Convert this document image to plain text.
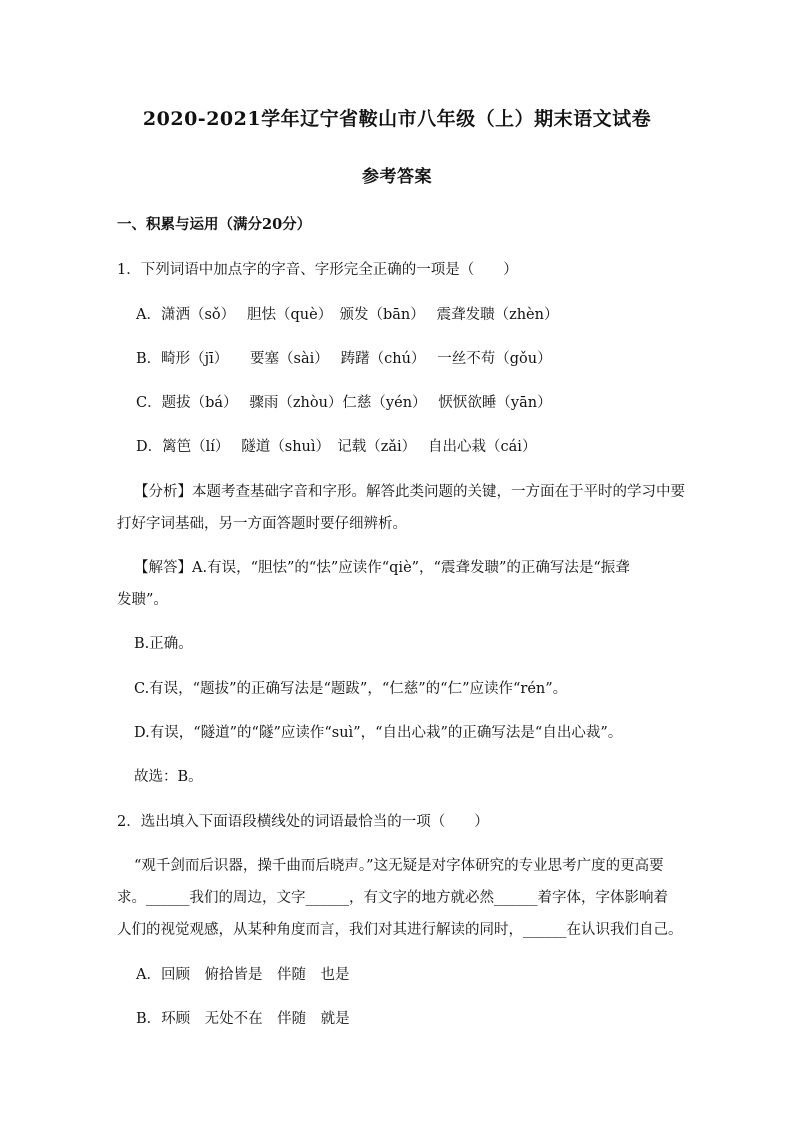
2020-2021学年辽宁省鞍山市八年级（上）期末语文试卷
参考答案
一、积累与运用（满分20分）
1．下列词语中加点字的字音、字形完全正确的一项是（　　）
A．潇洒（sǒ）　 胆怯（què）　颁发（bān）　 震聋发聩（zhèn）
B．畸形（jī）　　要塞（sài）　 踌躇（chú）　 一丝不苟（gǒu）
C．题拔（bá）　 骤雨（zhòu）仁慈（yén）　 恹恹欲睡（yān）
D．篱笆（lí）　 隧道（shuì）　记载（zǎi）　 自出心栽（cái）
【分析】本题考查基础字音和字形。解答此类问题的关键，一方面在于平时的学习中要
打好字词基础，另一方面答题时要仔细辨析。
【解答】A.有误，“胆怯”的“怯”应读作“qiè”，“震聋发聩”的正确写法是“振聋
发聩”。
B.正确。
C.有误，“题拔”的正确写法是“题跋”，“仁慈”的“仁”应读作“rén”。
D.有误，“隧道”的“隧”应读作“suì”，“自出心栽”的正确写法是“自出心裁”。
故选：B。
2．选出填入下面语段横线处的词语最恰当的一项（　　）
“观千剑而后识器，操千曲而后晓声。”这无疑是对字体研究的专业思考广度的更高要
求。______我们的周边，文字______，有文字的地方就必然______着字体，字体影响着
人们的视觉观感，从某种角度而言，我们对其进行解读的同时，______在认识我们自己。
A．回顾　俯拾皆是　伴随　也是
B．环顾　无处不在　伴随　就是
